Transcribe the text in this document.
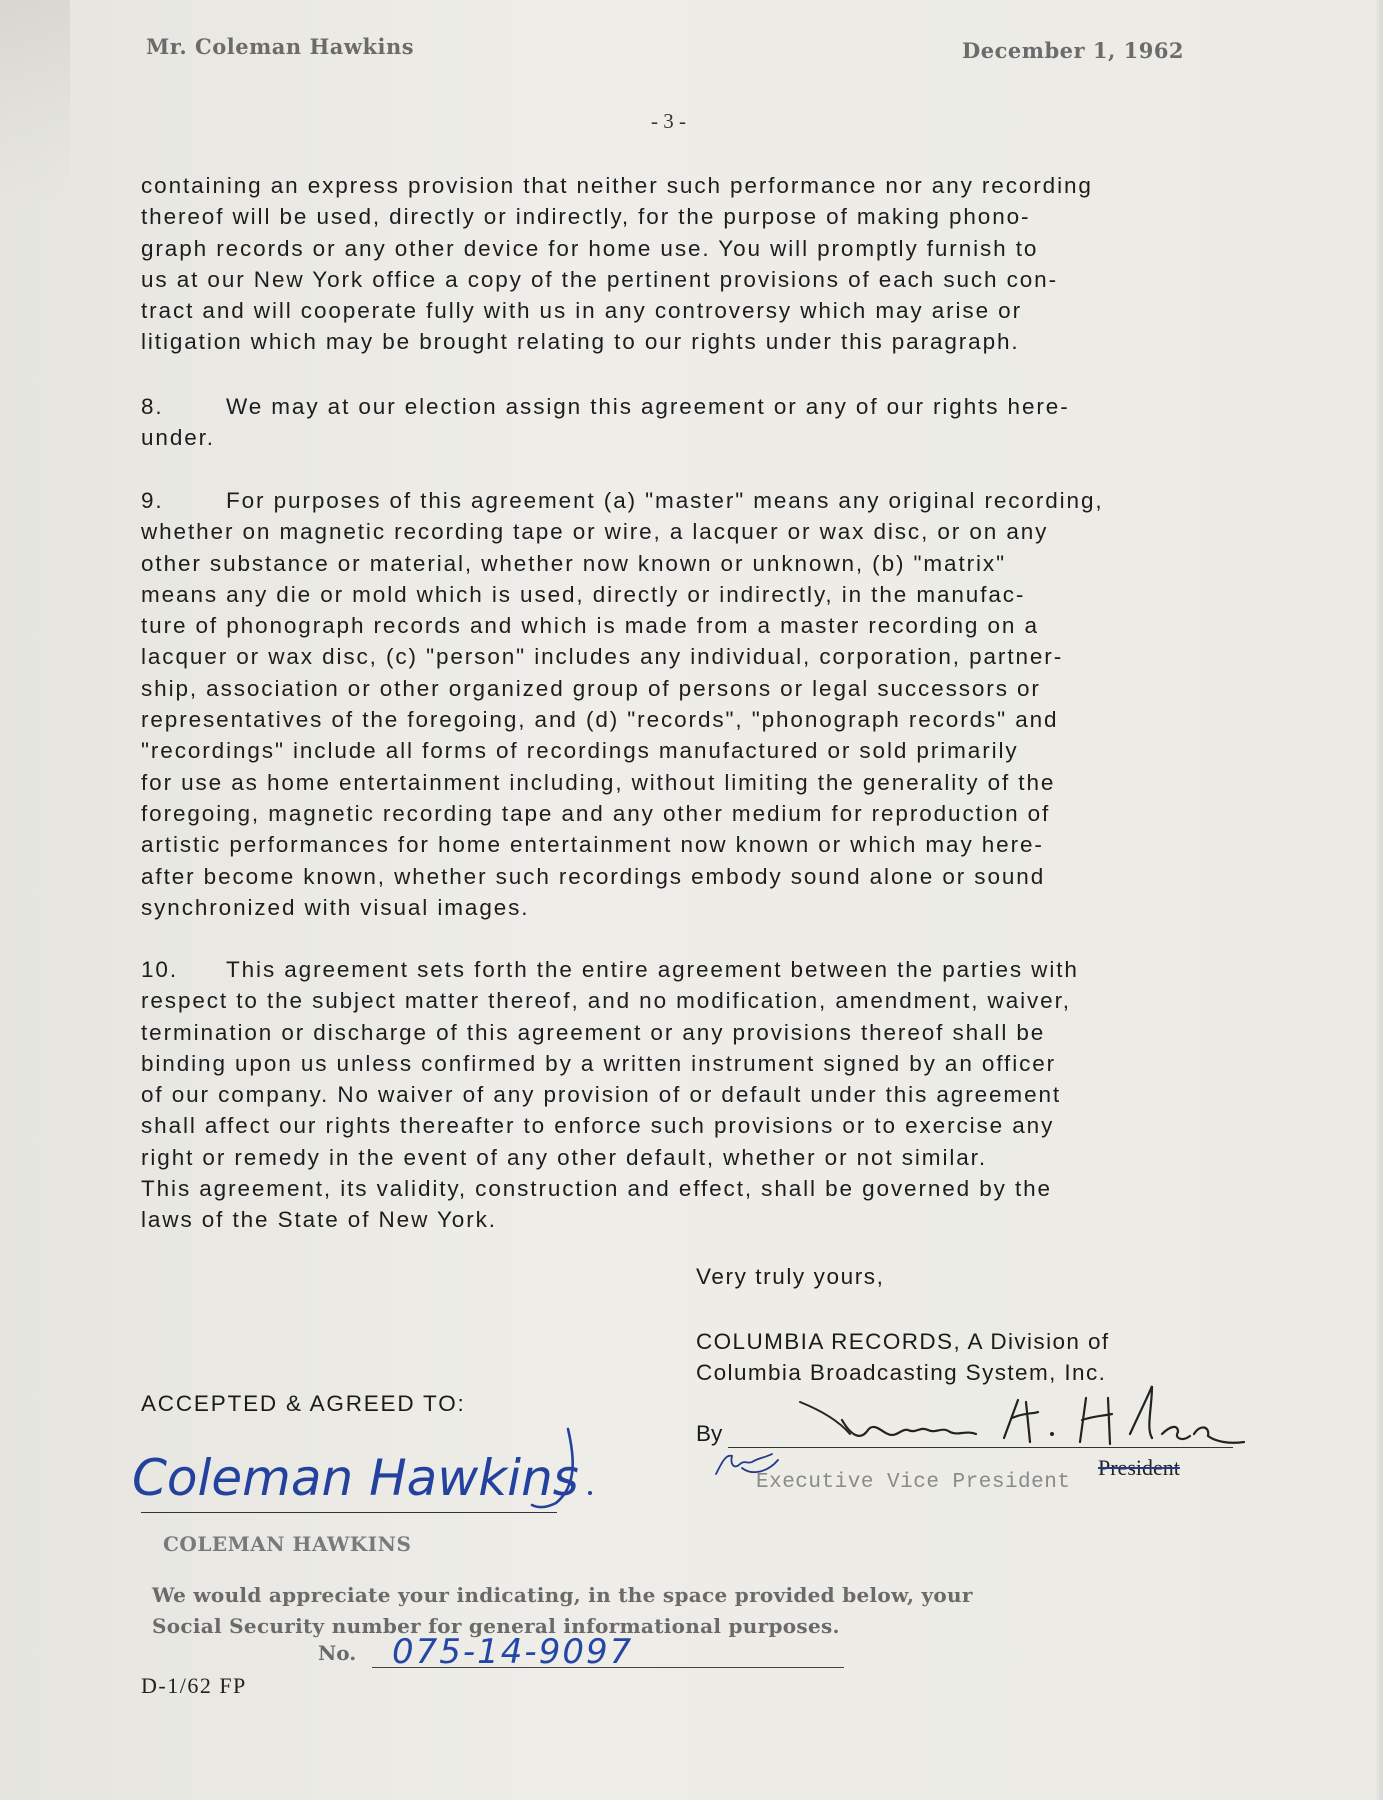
Mr. Coleman Hawkins	December 1, 1962
- 3 -
containing an express provision that neither such performance nor any recording
thereof will be used, directly or indirectly, for the purpose of making phono-
graph records or any other device for home use. You will promptly furnish to
us at our New York office a copy of the pertinent provisions of each such con-
tract and will cooperate fully with us in any controversy which may arise or
litigation which may be brought relating to our rights under this paragraph.
8.	We may at our election assign this agreement or any of our rights here-
under.
9.	For purposes of this agreement (a) "master" means any original recording,
whether on magnetic recording tape or wire, a lacquer or wax disc, or on any
other substance or material, whether now known or unknown, (b) "matrix"
means any die or mold which is used, directly or indirectly, in the manufac-
ture of phonograph records and which is made from a master recording on a
lacquer or wax disc, (c) "person" includes any individual, corporation, partner-
ship, association or other organized group of persons or legal successors or
representatives of the foregoing, and (d) "records", "phonograph records" and
"recordings" include all forms of recordings manufactured or sold primarily
for use as home entertainment including, without limiting the generality of the
foregoing, magnetic recording tape and any other medium for reproduction of
artistic performances for home entertainment now known or which may here-
after become known, whether such recordings embody sound alone or sound
synchronized with visual images.
10. This agreement sets forth the entire agreement between the parties with
respect to the subject matter thereof, and no modification, amendment, waiver,
termination or discharge of this agreement or any provisions thereof shall be
binding upon us unless confirmed by a written instrument signed by an officer
of our company. No waiver of any provision of or default under this agreement
shall affect our rights thereafter to enforce such provisions or to exercise any
right or remedy in the event of any other default, whether or not similar.
This agreement, its validity, construction and effect, shall be governed by the
laws of the State of New York.
Very truly yours,
COLUMBIA RECORDS, A Division of
Columbia Broadcasting System, Inc.
By
Executive Vice President
President
ACCEPTED & AGREED TO:
Coleman Hawkins
COLEMAN HAWKINS
We would appreciate your indicating, in the space provided below, your
Social Security number for general informational purposes.
No. 075-14-9097
D-1/62 FP
